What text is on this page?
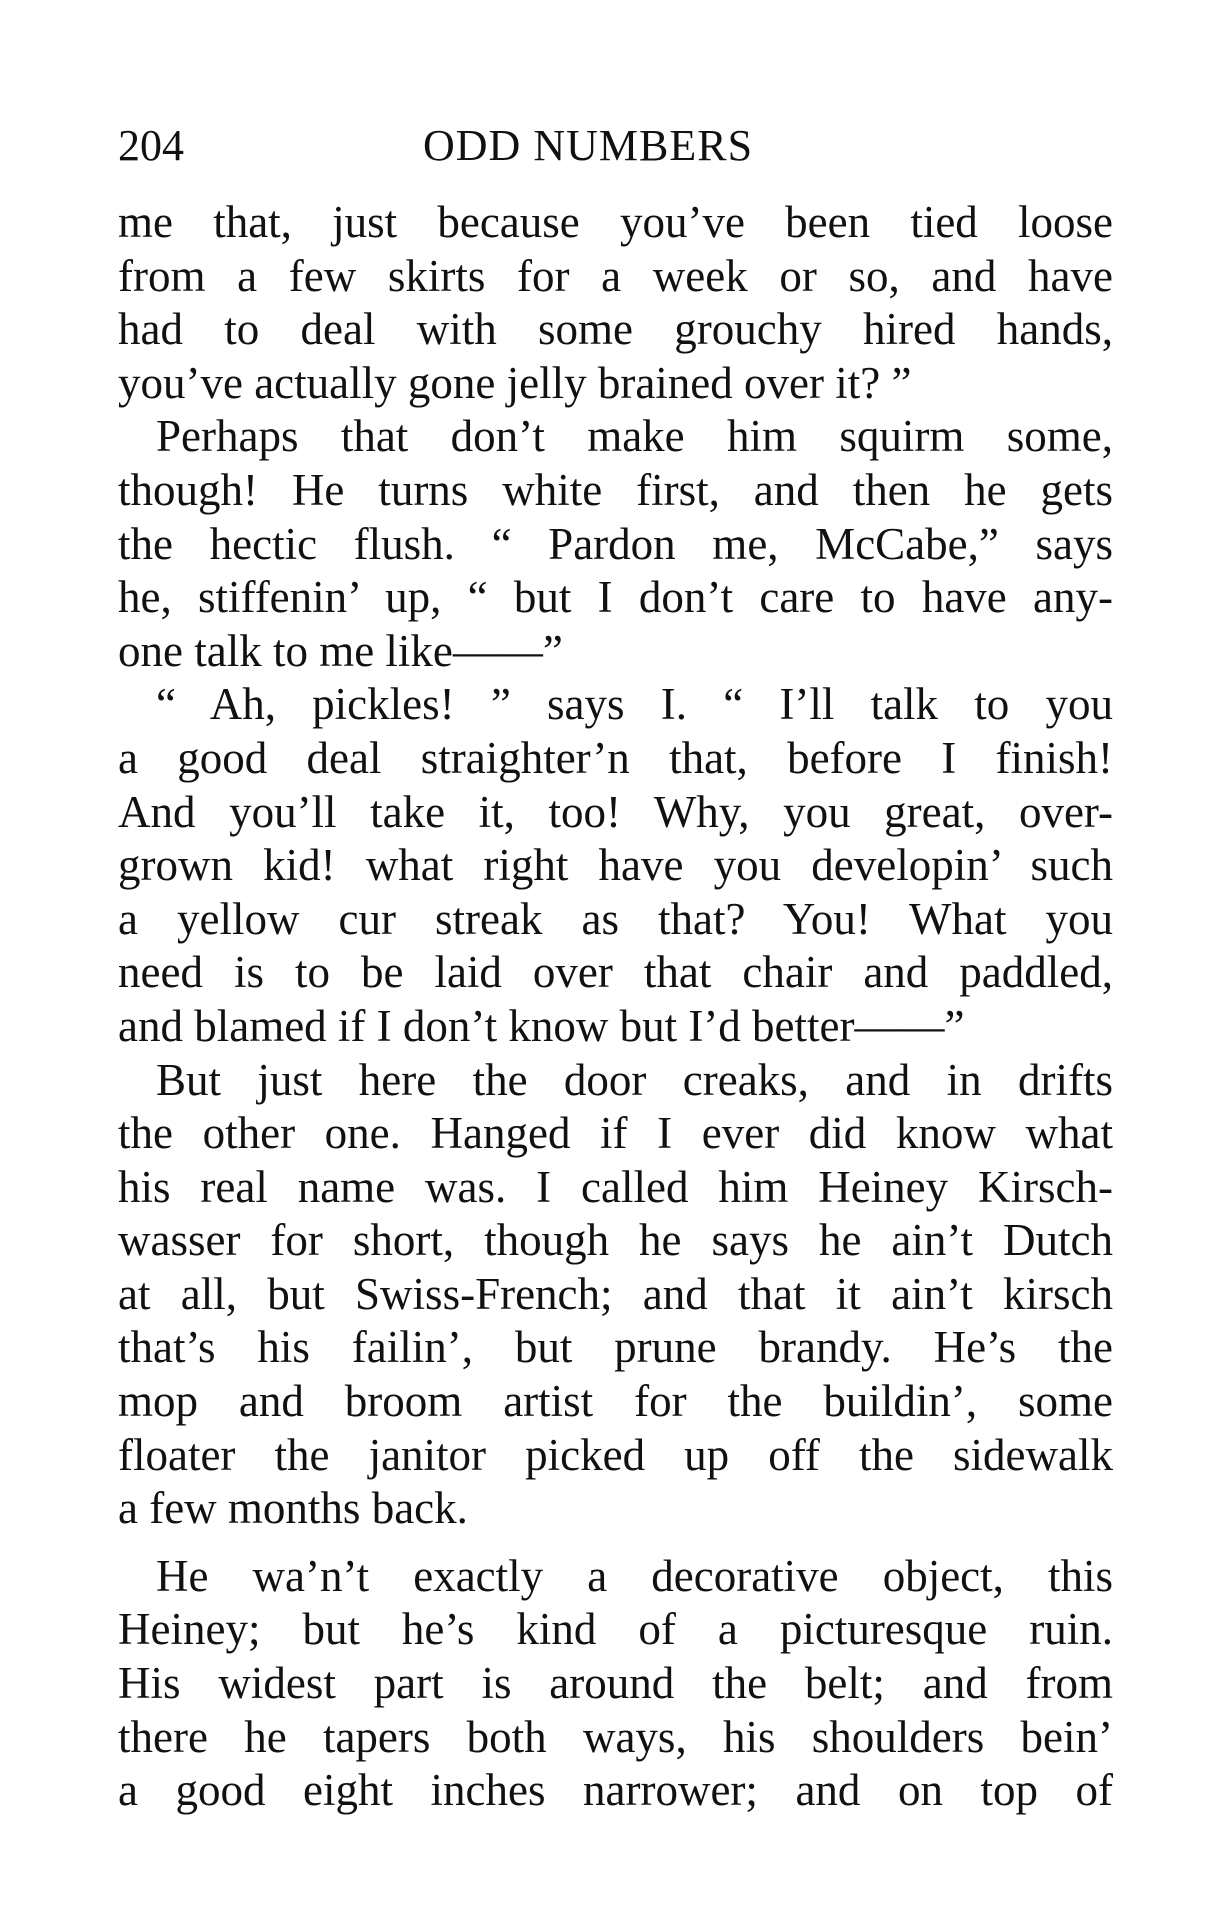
204	ODD NUMBERS
me that, just because you’ve been tied loose
from a few skirts for a week or so, and have
had to deal with some grouchy hired hands,
you’ve actually gone jelly brained over it? ”
Perhaps that don’t make him squirm some,
though! He turns white first, and then he gets
the hectic flush. “ Pardon me, McCabe,” says
he, stiffenin’ up, “ but I don’t care to have any-
one talk to me like——”
“ Ah, pickles! ” says I. “ I’ll talk to you
a good deal straighter’n that, before I finish!
And you’ll take it, too! Why, you great, over-
grown kid! what right have you developin’ such
a yellow cur streak as that? You! What you
need is to be laid over that chair and paddled,
and blamed if I don’t know but I’d better——”
But just here the door creaks, and in drifts
the other one. Hanged if I ever did know what
his real name was. I called him Heiney Kirsch-
wasser for short, though he says he ain’t Dutch
at all, but Swiss-French; and that it ain’t kirsch
that’s his failin’, but prune brandy. He’s the
mop and broom artist for the buildin’, some
floater the janitor picked up off the sidewalk
a few months back.
He wa’n’t exactly a decorative object, this
Heiney; but he’s kind of a picturesque ruin.
His widest part is around the belt; and from
there he tapers both ways, his shoulders bein’
a good eight inches narrower; and on top of
